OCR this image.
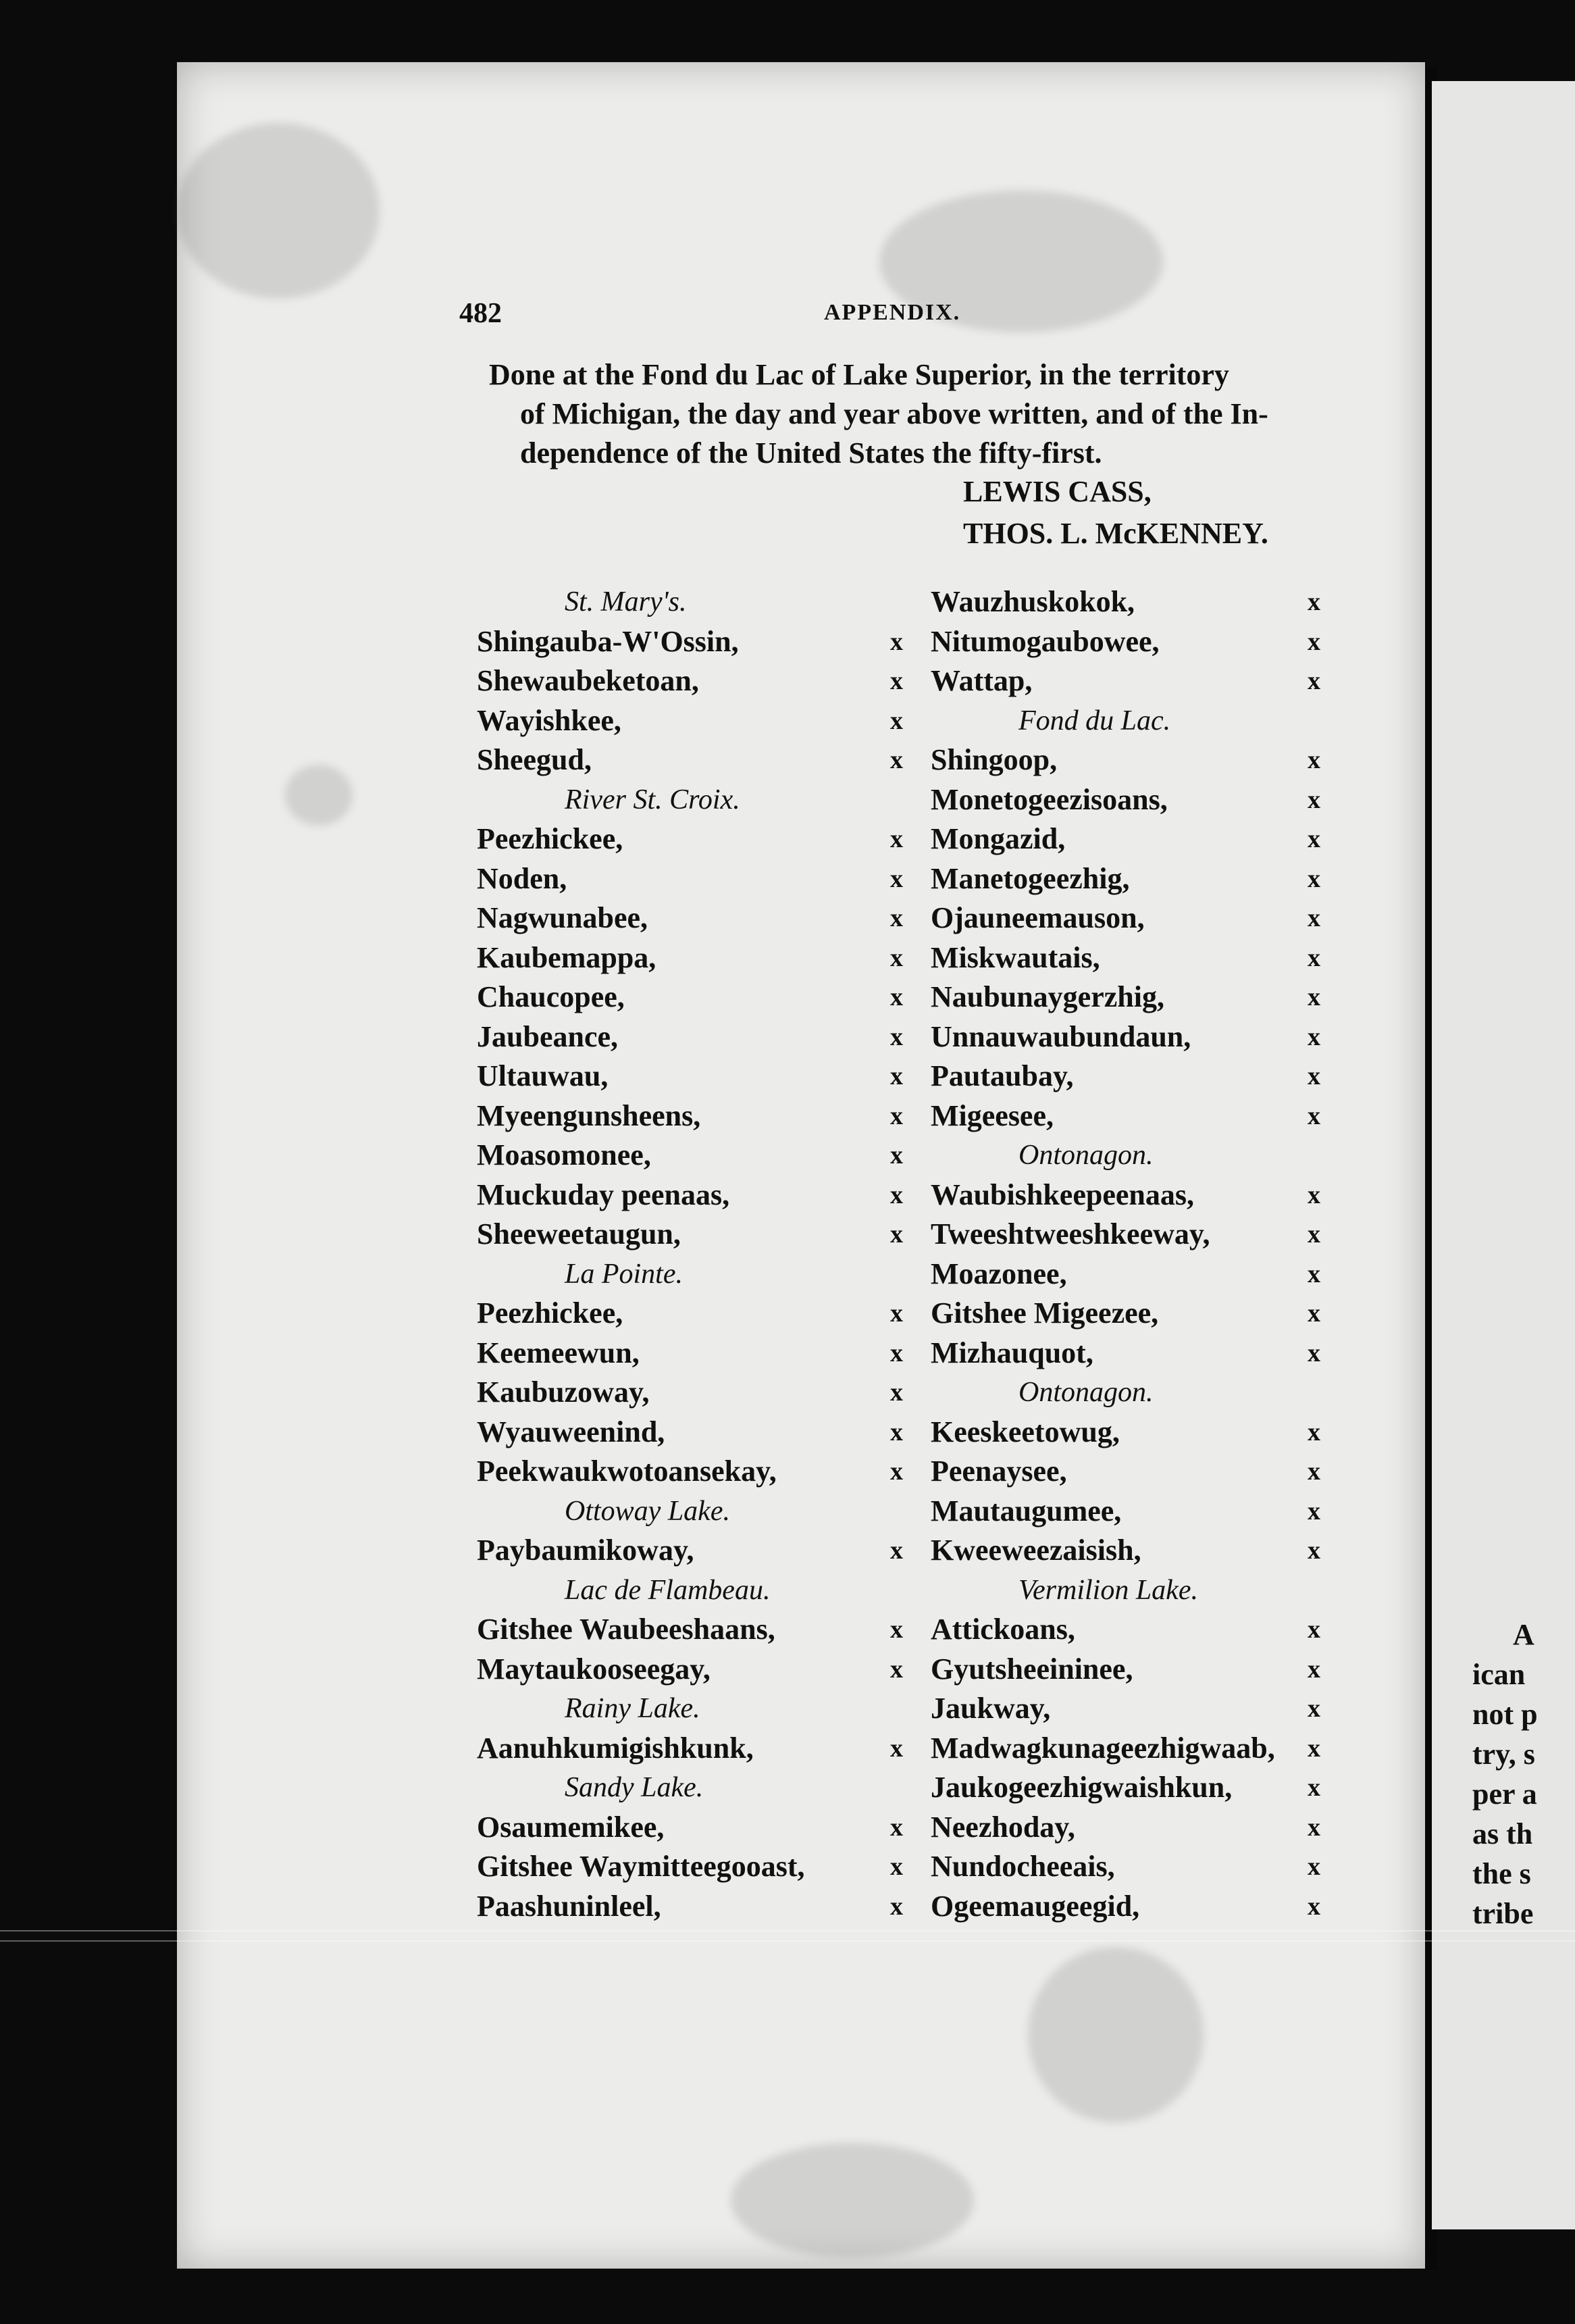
A
ican
not p
try, s
per a
as th
the s
tribe
482	APPENDIX.
Done at the Fond du Lac of Lake Superior, in the territory
of Michigan, the day and year above written, and of the In-
dependence of the United States the fifty-first.
LEWIS CASS,
THOS. L. McKENNEY.
St. Mary's.
Shingauba-W'Ossin,	x
Shewaubeketoan,	x
Wayishkee,	x
Sheegud,	x
River St. Croix.
Peezhickee,	x
Noden,	x
Nagwunabee,	x
Kaubemappa,	x
Chaucopee,	x
Jaubeance,	x
Ultauwau,	x
Myeengunsheens,	x
Moasomonee,	x
Muckuday peenaas,	x
Sheeweetaugun,	x
La Pointe.
Peezhickee,	x
Keemeewun,	x
Kaubuzoway,	x
Wyauweenind,	x
Peekwaukwotoansekay,	x
Ottoway Lake.
Paybaumikoway,	x
Lac de Flambeau.
Gitshee Waubeeshaans,	x
Maytaukooseegay,	x
Rainy Lake.
Aanuhkumigishkunk,	x
Sandy Lake.
Osaumemikee,	x
Gitshee Waymitteegooast,	x
Paashuninleel,	x
Wauzhuskokok,	x
Nitumogaubowee,	x
Wattap,	x
Fond du Lac.
Shingoop,	x
Monetogeezisoans,	x
Mongazid,	x
Manetogeezhig,	x
Ojauneemauson,	x
Miskwautais,	x
Naubunaygerzhig,	x
Unnauwaubundaun,	x
Pautaubay,	x
Migeesee,	x
Ontonagon.
Waubishkeepeenaas,	x
Tweeshtweeshkeeway,	x
Moazonee,	x
Gitshee Migeezee,	x
Mizhauquot,	x
Ontonagon.
Keeskeetowug,	x
Peenaysee,	x
Mautaugumee,	x
Kweeweezaisish,	x
Vermilion Lake.
Attickoans,	x
Gyutsheeininee,	x
Jaukway,	x
Madwagkunageezhigwaab, x
Jaukogeezhigwaishkun,	x
Neezhoday,	x
Nundocheeais,	x
Ogeemaugeegid,	x
